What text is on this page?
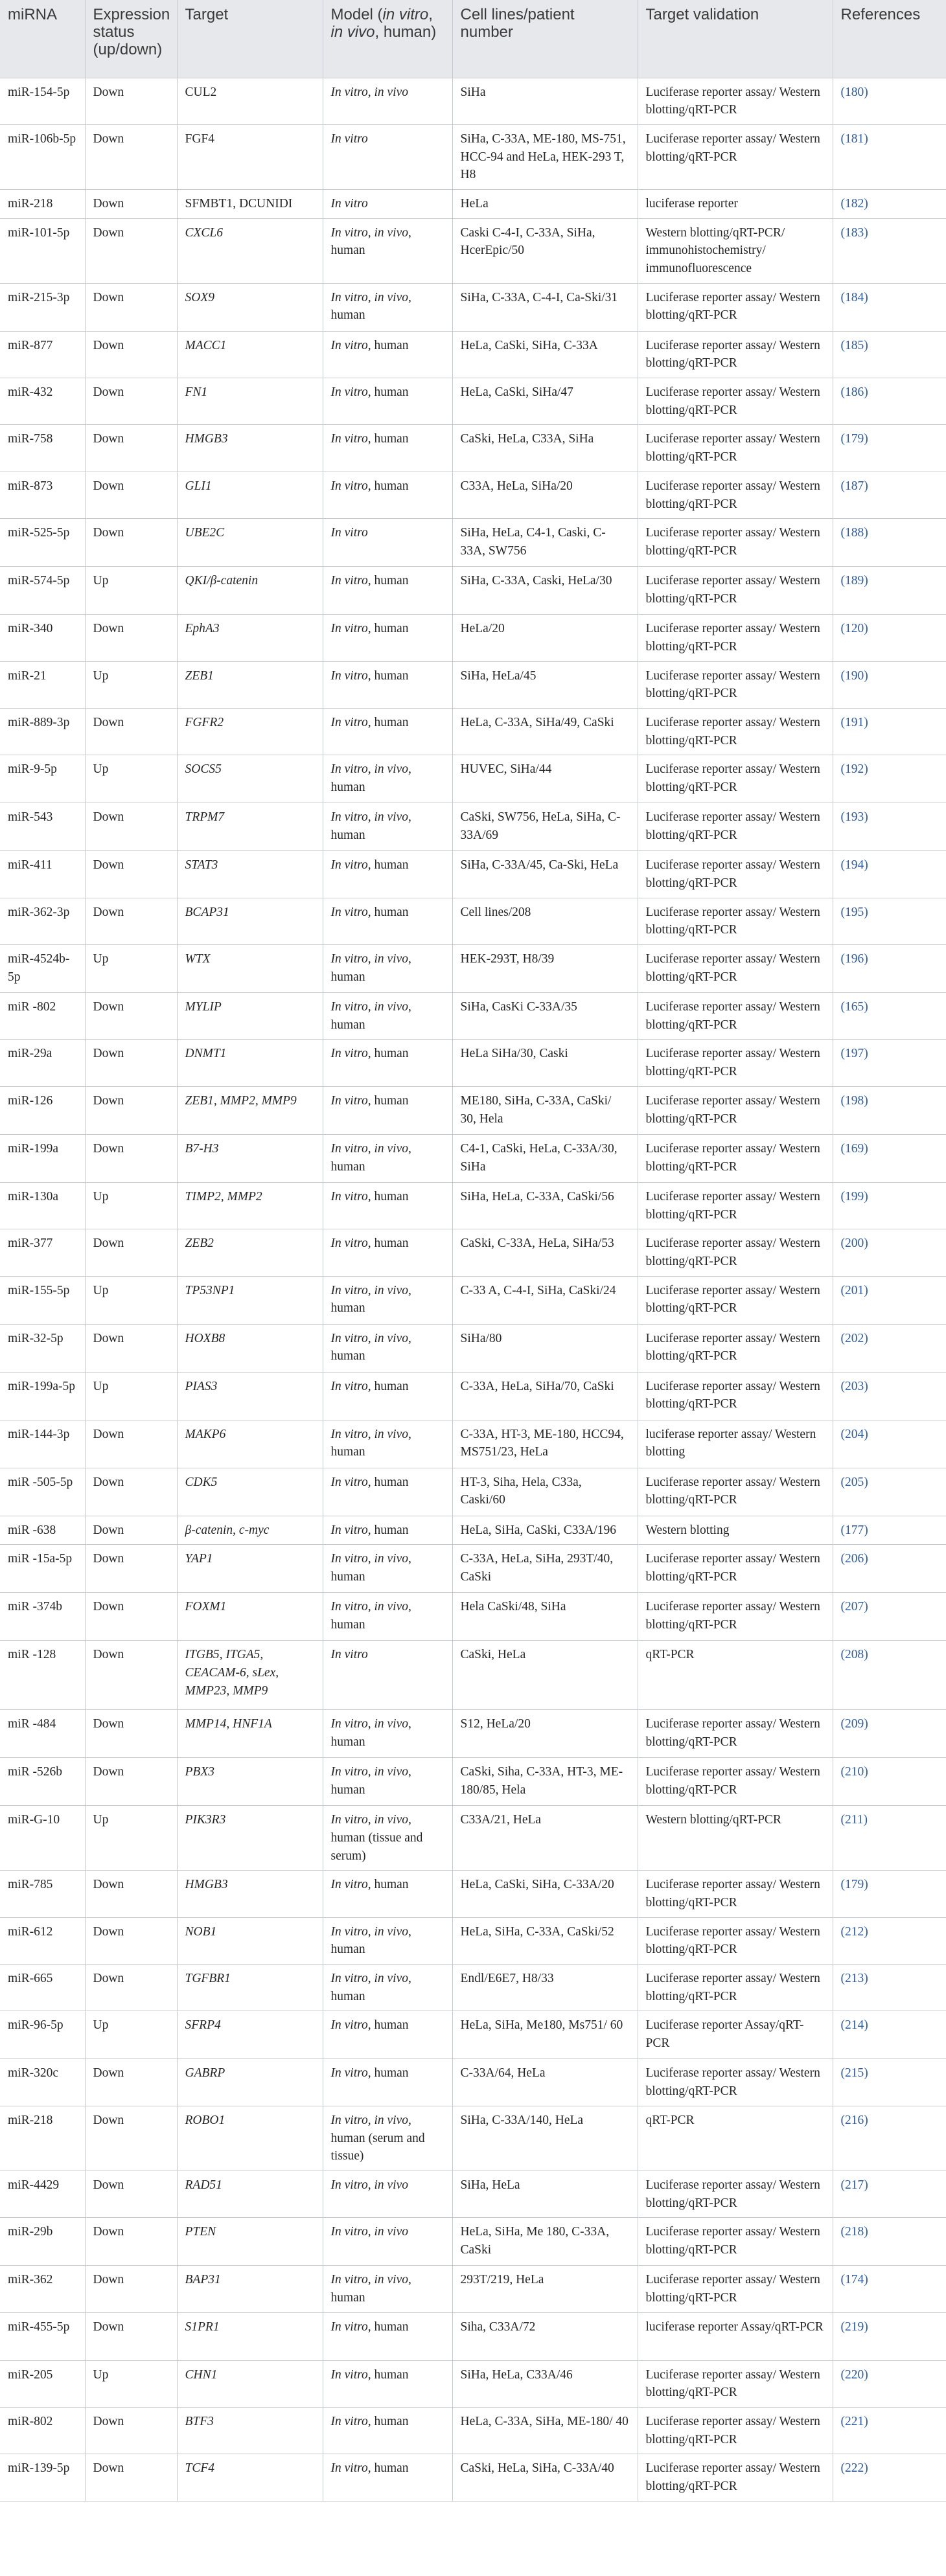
miRNA	Expression status (up/down)	Target	Model (in vitro, in vivo, human)	Cell lines/patient number	Target validation	References
miR-154-5p	Down	CUL2	In vitro, in vivo	SiHa	Luciferase reporter assay/ Western blotting/qRT-PCR	(180)
miR-106b-5p	Down	FGF4	In vitro	SiHa, C-33A, ME-180, MS-751, HCC-94 and HeLa, HEK-293 T, H8	Luciferase reporter assay/ Western blotting/qRT-PCR	(181)
miR-218	Down	SFMBT1, DCUNIDI	In vitro	HeLa	luciferase reporter	(182)
miR-101-5p	Down	CXCL6	In vitro, in vivo, human	Caski C-4-I, C-33A, SiHa, HcerEpic/50	Western blotting/qRT-PCR/ immunohistochemistry/ immunofluorescence	(183)
miR-215-3p	Down	SOX9	In vitro, in vivo, human	SiHa, C-33A, C-4-I, Ca-Ski/31	Luciferase reporter assay/ Western blotting/qRT-PCR	(184)
miR-877	Down	MACC1	In vitro, human	HeLa, CaSki, SiHa, C-33A	Luciferase reporter assay/ Western blotting/qRT-PCR	(185)
miR-432	Down	FN1	In vitro, human	HeLa, CaSki, SiHa/47	Luciferase reporter assay/ Western blotting/qRT-PCR	(186)
miR-758	Down	HMGB3	In vitro, human	CaSki, HeLa, C33A, SiHa	Luciferase reporter assay/ Western blotting/qRT-PCR	(179)
miR-873	Down	GLI1	In vitro, human	C33A, HeLa, SiHa/20	Luciferase reporter assay/ Western blotting/qRT-PCR	(187)
miR-525-5p	Down	UBE2C	In vitro	SiHa, HeLa, C4-1, Caski, C-33A, SW756	Luciferase reporter assay/ Western blotting/qRT-PCR	(188)
miR-574-5p	Up	QKI/β-catenin	In vitro, human	SiHa, C-33A, Caski, HeLa/30	Luciferase reporter assay/ Western blotting/qRT-PCR	(189)
miR-340	Down	EphA3	In vitro, human	HeLa/20	Luciferase reporter assay/ Western blotting/qRT-PCR	(120)
miR-21	Up	ZEB1	In vitro, human	SiHa, HeLa/45	Luciferase reporter assay/ Western blotting/qRT-PCR	(190)
miR-889-3p	Down	FGFR2	In vitro, human	HeLa, C-33A, SiHa/49, CaSki	Luciferase reporter assay/ Western blotting/qRT-PCR	(191)
miR-9-5p	Up	SOCS5	In vitro, in vivo, human	HUVEC, SiHa/44	Luciferase reporter assay/ Western blotting/qRT-PCR	(192)
miR-543	Down	TRPM7	In vitro, in vivo, human	CaSki, SW756, HeLa, SiHa, C-33A/69	Luciferase reporter assay/ Western blotting/qRT-PCR	(193)
miR-411	Down	STAT3	In vitro, human	SiHa, C-33A/45, Ca-Ski, HeLa	Luciferase reporter assay/ Western blotting/qRT-PCR	(194)
miR-362-3p	Down	BCAP31	In vitro, human	Cell lines/208	Luciferase reporter assay/ Western blotting/qRT-PCR	(195)
miR-4524b-5p	Up	WTX	In vitro, in vivo, human	HEK-293T, H8/39	Luciferase reporter assay/ Western blotting/qRT-PCR	(196)
miR -802	Down	MYLIP	In vitro, in vivo, human	SiHa, CasKi C-33A/35	Luciferase reporter assay/ Western blotting/qRT-PCR	(165)
miR-29a	Down	DNMT1	In vitro, human	HeLa SiHa/30, Caski	Luciferase reporter assay/ Western blotting/qRT-PCR	(197)
miR-126	Down	ZEB1, MMP2, MMP9	In vitro, human	ME180, SiHa, C-33A, CaSki/ 30, Hela	Luciferase reporter assay/ Western blotting/qRT-PCR	(198)
miR-199a	Down	B7-H3	In vitro, in vivo, human	C4-1, CaSki, HeLa, C-33A/30, SiHa	Luciferase reporter assay/ Western blotting/qRT-PCR	(169)
miR-130a	Up	TIMP2, MMP2	In vitro, human	SiHa, HeLa, C-33A, CaSki/56	Luciferase reporter assay/ Western blotting/qRT-PCR	(199)
miR-377	Down	ZEB2	In vitro, human	CaSki, C-33A, HeLa, SiHa/53	Luciferase reporter assay/ Western blotting/qRT-PCR	(200)
miR-155-5p	Up	TP53NP1	In vitro, in vivo, human	C-33 A, C-4-I, SiHa, CaSki/24	Luciferase reporter assay/ Western blotting/qRT-PCR	(201)
miR-32-5p	Down	HOXB8	In vitro, in vivo, human	SiHa/80	Luciferase reporter assay/ Western blotting/qRT-PCR	(202)
miR-199a-5p	Up	PIAS3	In vitro, human	C-33A, HeLa, SiHa/70, CaSki	Luciferase reporter assay/ Western blotting/qRT-PCR	(203)
miR-144-3p	Down	MAKP6	In vitro, in vivo, human	C-33A, HT-3, ME-180, HCC94, MS751/23, HeLa	luciferase reporter assay/ Western blotting	(204)
miR -505-5p	Down	CDK5	In vitro, human	HT-3, Siha, Hela, C33a, Caski/60	Luciferase reporter assay/ Western blotting/qRT-PCR	(205)
miR -638	Down	β-catenin, c-myc	In vitro, human	HeLa, SiHa, CaSki, C33A/196	Western blotting	(177)
miR -15a-5p	Down	YAP1	In vitro, in vivo, human	C-33A, HeLa, SiHa, 293T/40, CaSki	Luciferase reporter assay/ Western blotting/qRT-PCR	(206)
miR -374b	Down	FOXM1	In vitro, in vivo, human	Hela CaSki/48, SiHa	Luciferase reporter assay/ Western blotting/qRT-PCR	(207)
miR -128	Down	ITGB5, ITGA5, CEACAM-6, sLex, MMP23, MMP9	In vitro	CaSki, HeLa	qRT-PCR	(208)
miR -484	Down	MMP14, HNF1A	In vitro, in vivo, human	S12, HeLa/20	Luciferase reporter assay/ Western blotting/qRT-PCR	(209)
miR -526b	Down	PBX3	In vitro, in vivo, human	CaSki, Siha, C-33A, HT-3, ME-180/85, Hela	Luciferase reporter assay/ Western blotting/qRT-PCR	(210)
miR-G-10	Up	PIK3R3	In vitro, in vivo, human (tissue and serum)	C33A/21, HeLa	Western blotting/qRT-PCR	(211)
miR-785	Down	HMGB3	In vitro, human	HeLa, CaSki, SiHa, C-33A/20	Luciferase reporter assay/ Western blotting/qRT-PCR	(179)
miR-612	Down	NOB1	In vitro, in vivo, human	HeLa, SiHa, C-33A, CaSki/52	Luciferase reporter assay/ Western blotting/qRT-PCR	(212)
miR-665	Down	TGFBR1	In vitro, in vivo, human	Endl/E6E7, H8/33	Luciferase reporter assay/ Western blotting/qRT-PCR	(213)
miR-96-5p	Up	SFRP4	In vitro, human	HeLa, SiHa, Me180, Ms751/ 60	Luciferase reporter Assay/qRT-PCR	(214)
miR-320c	Down	GABRP	In vitro, human	C-33A/64, HeLa	Luciferase reporter assay/ Western blotting/qRT-PCR	(215)
miR-218	Down	ROBO1	In vitro, in vivo, human (serum and tissue)	SiHa, C-33A/140, HeLa	qRT-PCR	(216)
miR-4429	Down	RAD51	In vitro, in vivo	SiHa, HeLa	Luciferase reporter assay/ Western blotting/qRT-PCR	(217)
miR-29b	Down	PTEN	In vitro, in vivo	HeLa, SiHa, Me 180, C-33A, CaSki	Luciferase reporter assay/ Western blotting/qRT-PCR	(218)
miR-362	Down	BAP31	In vitro, in vivo, human	293T/219, HeLa	Luciferase reporter assay/ Western blotting/qRT-PCR	(174)
miR-455-5p	Down	S1PR1	In vitro, human	Siha, C33A/72	luciferase reporter Assay/qRT-PCR	(219)
miR-205	Up	CHN1	In vitro, human	SiHa, HeLa, C33A/46	Luciferase reporter assay/ Western blotting/qRT-PCR	(220)
miR-802	Down	BTF3	In vitro, human	HeLa, C-33A, SiHa, ME-180/ 40	Luciferase reporter assay/ Western blotting/qRT-PCR	(221)
miR-139-5p	Down	TCF4	In vitro, human	CaSki, HeLa, SiHa, C-33A/40	Luciferase reporter assay/ Western blotting/qRT-PCR	(222)
